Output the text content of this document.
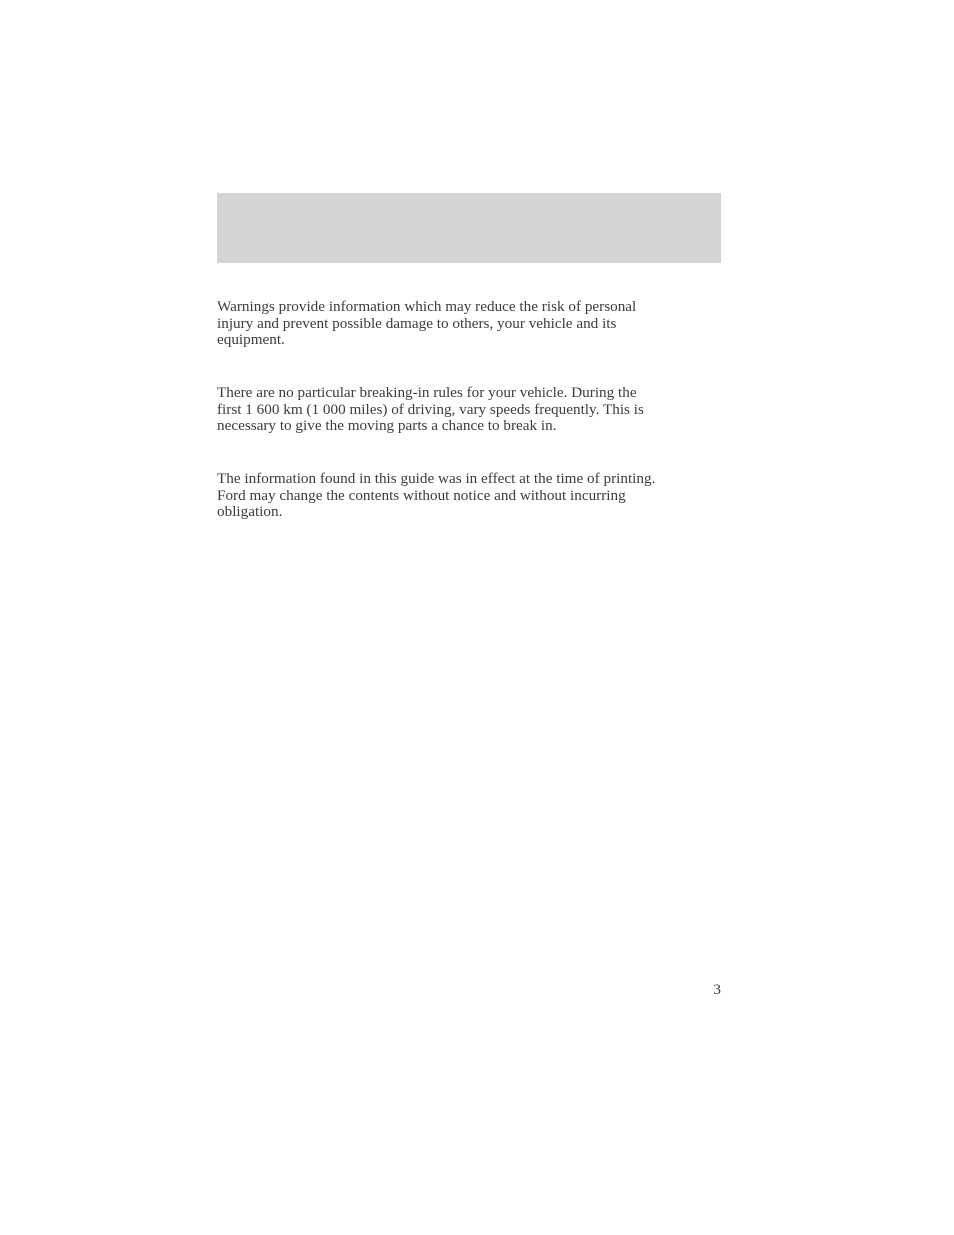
Warnings provide information which may reduce the risk of personal
injury and prevent possible damage to others, your vehicle and its
equipment.

There are no particular breaking-in rules for your vehicle. During the
first 1 600 km (1 000 miles) of driving, vary speeds frequently. This is
necessary to give the moving parts a chance to break in.

The information found in this guide was in effect at the time of printing.
Ford may change the contents without notice and without incurring
obligation.

3
